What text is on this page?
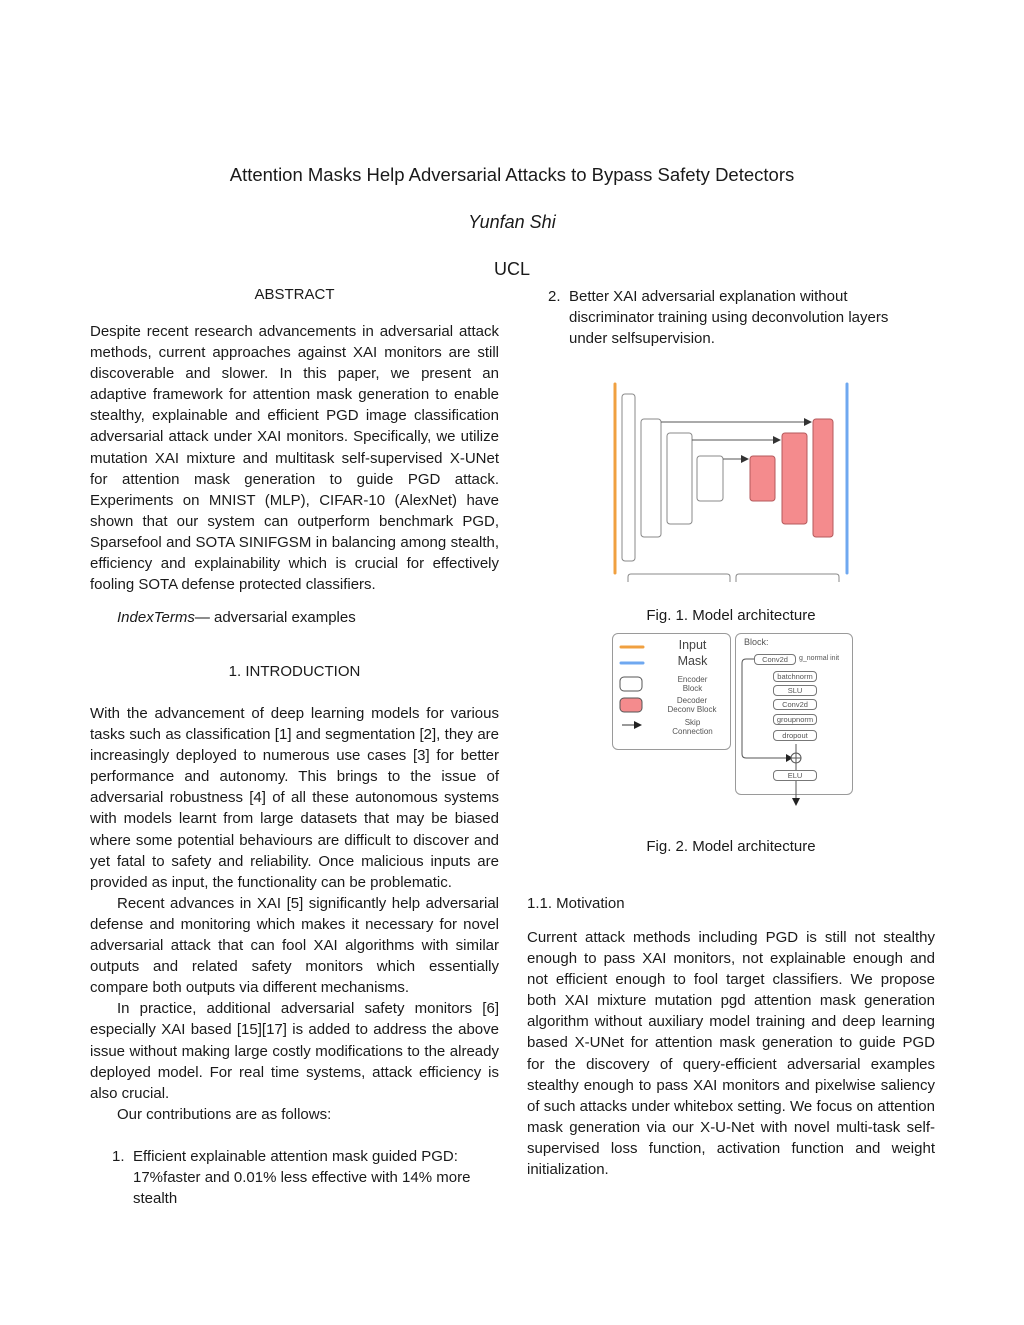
Attention Masks Help Adversarial Attacks to Bypass Safety Detectors
Yunfan Shi
UCL
ABSTRACT

Despite recent research advancements in adversarial attack methods, current approaches against XAI monitors are still discoverable and slower. In this paper, we present an adaptive framework for attention mask generation to enable stealthy, explainable and efficient PGD image classification adversarial attack under XAI monitors. Specifically, we utilize mutation XAI mixture and multitask self-supervised X-UNet for attention mask generation to guide PGD attack. Experiments on MNIST (MLP), CIFAR-10 (AlexNet) have shown that our system can outperform benchmark PGD, Sparsefool and SOTA SINIFGSM in balancing among stealth, efficiency and explainability which is crucial for effectively fooling SOTA defense protected classifiers.

IndexTerms— adversarial examples
1. INTRODUCTION

With the advancement of deep learning models for various tasks such as classification [1] and segmentation [2], they are increasingly deployed to numerous use cases [3] for better performance and autonomy. This brings to the issue of adversarial robustness [4] of all these autonomous systems with models learnt from large datasets that may be biased where some potential behaviours are difficult to discover and yet fatal to safety and reliability. Once malicious inputs are provided as input, the functionality can be problematic.

Recent advances in XAI [5] significantly help adversarial defense and monitoring which makes it necessary for novel adversarial attack that can fool XAI algorithms with similar outputs and related safety monitors which essentially compare both outputs via different mechanisms.

In practice, additional adversarial safety monitors [6] especially XAI based [15][17] is added to address the above issue without making large costly modifications to the already deployed model. For real time systems, attack efficiency is also crucial.

Our contributions are as follows:

1. Efficient explainable attention mask guided PGD: 17%faster and 0.01% less effective with 14% more stealth
2. Better XAI adversarial explanation without discriminator training using deconvolution layers under selfsupervision.
Fig. 1. Model architecture
Input
Mask
Encoder
Block
Decoder
Deconv Block
Skip
Connection
Block:
Conv2d	g_normal init
batchnorm
SLU
Conv2d
groupnorm
dropout
ELU
Fig. 2. Model architecture
1.1. Motivation

Current attack methods including PGD is still not stealthy enough to pass XAI monitors, not explainable enough and not efficient enough to fool target classifiers. We propose both XAI mixture mutation pgd attention mask generation algorithm without auxiliary model training and deep learning based X-UNet for attention mask generation to guide PGD for the discovery of query-efficient adversarial examples stealthy enough to pass XAI monitors and pixelwise saliency of such attacks under whitebox setting. We focus on attention mask generation via our X-U-Net with novel multi-task self-supervised loss function, activation function and weight initialization.
